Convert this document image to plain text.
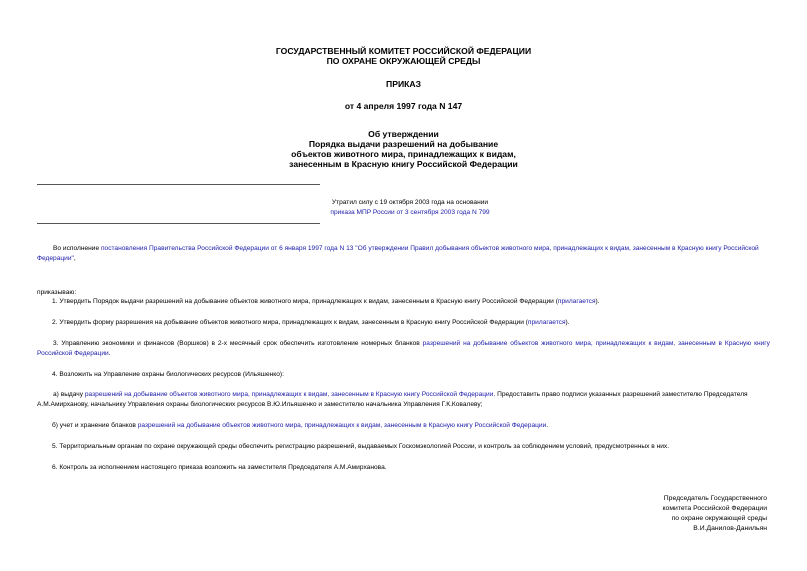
ГОСУДАРСТВЕННЫЙ КОМИТЕТ РОССИЙСКОЙ ФЕДЕРАЦИИ
ПО ОХРАНЕ ОКРУЖАЮЩЕЙ СРЕДЫ
ПРИКАЗ
от 4 апреля 1997 года N 147
Об утверждении
Порядка выдачи разрешений на добывание
объектов животного мира, принадлежащих к видам,
занесенным в Красную книгу Российской Федерации
Утратил силу с 19 октября 2003 года на основании
приказа МПР России от 3 сентября 2003 года N 799
Во исполнение постановления Правительства Российской Федерации от 6 января 1997 года N 13 "Об утверждении Правил добывания объектов животного мира, принадлежащих к видам, занесенным в Красную книгу Российской Федерации",
приказываю:
1. Утвердить Порядок выдачи разрешений на добывание объектов животного мира, принадлежащих к видам, занесенным в Красную книгу Российской Федерации (прилагается).
2. Утвердить форму разрешения на добывание объектов животного мира, принадлежащих к видам, занесенным в Красную книгу Российской Федерации (прилагается).
3. Управлению экономики и финансов (Воршков) в 2-х месячный срок обеспечить изготовление номерных бланков разрешений на добывание объектов животного мира, принадлежащих к видам, занесенным в Красную книгу Российской Федерации.
4. Возложить на Управление охраны биологических ресурсов (Ильяшенко):
а) выдачу разрешений на добывание объектов животного мира, принадлежащих к видам, занесенным в Красную книгу Российской Федерации. Предоставить право подписи указанных разрешений заместителю Председателя А.М.Амирханову, начальнику Управления охраны биологических ресурсов В.Ю.Ильяшенко и заместителю начальника Управления Г.К.Ковалеву;
б) учет и хранение бланков разрешений на добывание объектов животного мира, принадлежащих к видам, занесенным в Красную книгу Российской Федерации.
5. Территориальным органам по охране окружающей среды обеспечить регистрацию разрешений, выдаваемых Госкомэкологией России, и контроль за соблюдением условий, предусмотренных в них.
6. Контроль за исполнением настоящего приказа возложить на заместителя Председателя А.М.Амирханова.
Председатель Государственного
комитета Российской Федерации
по охране окружающей среды
В.И.Данилов-Данильян
